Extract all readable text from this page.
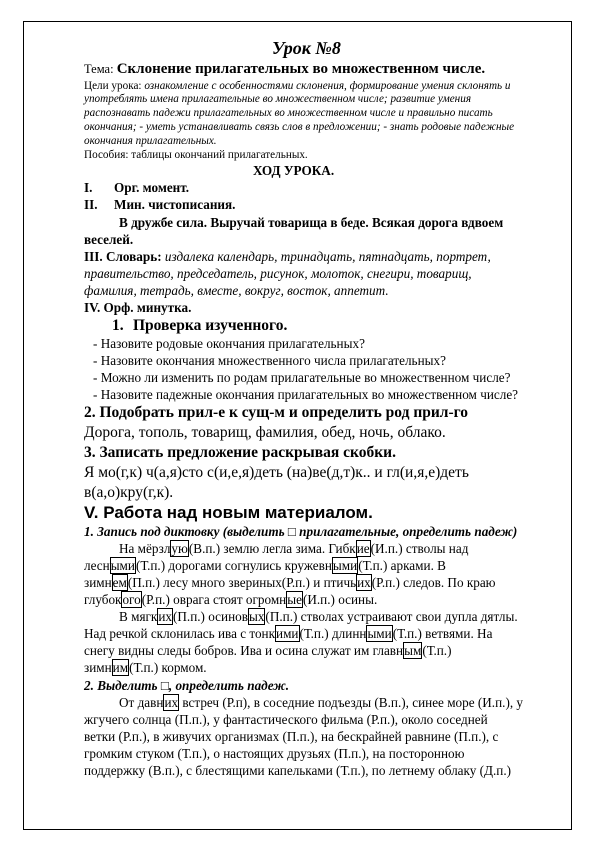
Урок №8
Тема: Склонение прилагательных во множественном числе.
Цели урока: ознакомление с особенностями склонения, формирование умения склонять и
употреблять имена прилагательные во множественном числе; развитие умения
распознавать падежи прилагательных во множественном числе и правильно писать
окончания; - уметь устанавливать связь слов в предложении; - знать родовые падежные
окончания прилагательных.
Пособия: таблицы окончаний прилагательных.
ХОД УРОКА.
I. Орг. момент.
II. Мин. чистописания.
В дружбе сила. Выручай товарища в беде. Всякая дорога вдвоем
веселей.
III. Словарь: издалека календарь, тринадцать, пятнадцать, портрет,
правительство, председатель, рисунок, молоток, снегири, товарищ,
фамилия, тетрадь, вместе, вокруг, восток, аппетит.
IV. Орф. минутка.
1. Проверка изученного.
- Назовите родовые окончания прилагательных?
- Назовите окончания множественного числа прилагательных?
- Можно ли изменить по родам прилагательные во множественном числе?
- Назовите падежные окончания прилагательных во множественном числе?
2. Подобрать прил-е к сущ-м и определить род прил-го
Дорога, тополь, товарищ, фамилия, обед, ночь, облако.
3. Записать предложение раскрывая скобки.
Я мо(г,к) ч(а,я)сто с(и,е,я)деть (на)ве(д,т)к.. и гл(и,я,е)деть
в(а,о)кру(г,к).
V. Работа над новым материалом.
1. Запись под диктовку (выделить □ прилагательные, определить падеж)
На мёрзлую(В.п.) землю легла зима. Гибкие(И.п.) стволы над
лесными(Т.п.) дорогами согнулись кружевными(Т.п.) арками. В
зимнем(П.п.) лесу много звериных(Р.п.) и птичьих(Р.п.) следов. По краю
глубокого(Р.п.) оврага стоят огромные(И.п.) осины.
В мягких(П.п.) осиновых(П.п.) стволах устраивают свои дупла дятлы.
Над речкой склонилась ива с тонкими(Т.п.) длинными(Т.п.) ветвями. На
снегу видны следы бобров. Ива и осина служат им главным(Т.п.)
зимним(Т.п.) кормом.
2. Выделить □, определить падеж.
От давних встреч (Р.п), в соседние подъезды (В.п.), синее море (И.п.), у
жгучего солнца (П.п.), у фантастического фильма (Р.п.), около соседней
ветки (Р.п.), в живучих организмах (П.п.), на бескрайней равнине (П.п.), с
громким стуком (Т.п.), о настоящих друзьях (П.п.), на посторонною
поддержку (В.п.), с блестящими капельками (Т.п.), по летнему облаку (Д.п.)
